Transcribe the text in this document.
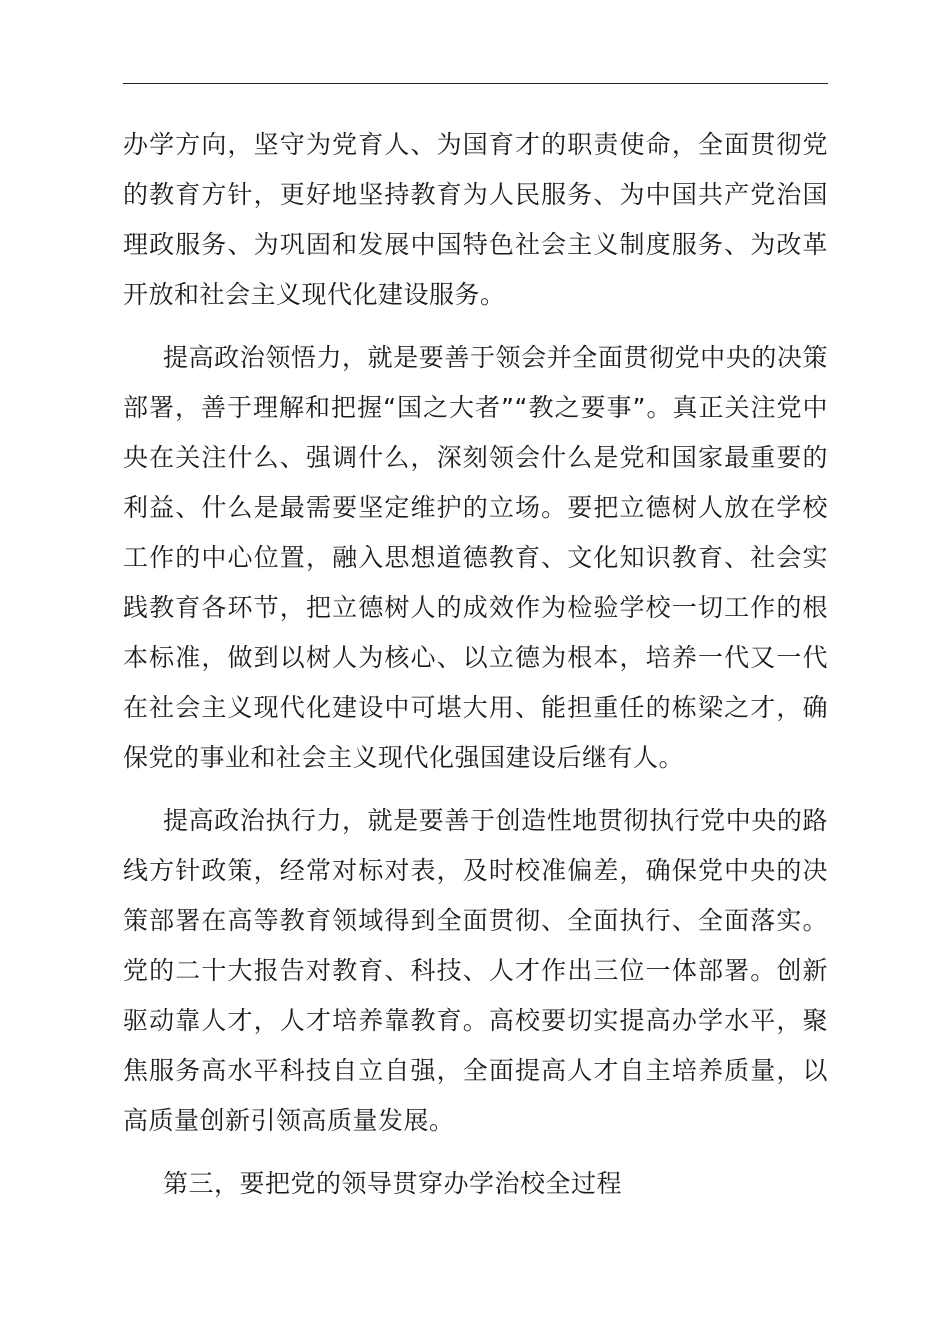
办学方向，坚守为党育人、为国育才的职责使命，全面贯彻党的教育方针，更好地坚持教育为人民服务、为中国共产党治国理政服务、为巩固和发展中国特色社会主义制度服务、为改革开放和社会主义现代化建设服务。

提高政治领悟力，就是要善于领会并全面贯彻党中央的决策部署，善于理解和把握“国之大者”“教之要事”。真正关注党中央在关注什么、强调什么，深刻领会什么是党和国家最重要的利益、什么是最需要坚定维护的立场。要把立德树人放在学校工作的中心位置，融入思想道德教育、文化知识教育、社会实践教育各环节，把立德树人的成效作为检验学校一切工作的根本标准，做到以树人为核心、以立德为根本，培养一代又一代在社会主义现代化建设中可堪大用、能担重任的栋梁之才，确保党的事业和社会主义现代化强国建设后继有人。

提高政治执行力，就是要善于创造性地贯彻执行党中央的路线方针政策，经常对标对表，及时校准偏差，确保党中央的决策部署在高等教育领域得到全面贯彻、全面执行、全面落实。党的二十大报告对教育、科技、人才作出三位一体部署。创新驱动靠人才，人才培养靠教育。高校要切实提高办学水平，聚焦服务高水平科技自立自强，全面提高人才自主培养质量，以高质量创新引领高质量发展。

第三，要把党的领导贯穿办学治校全过程
